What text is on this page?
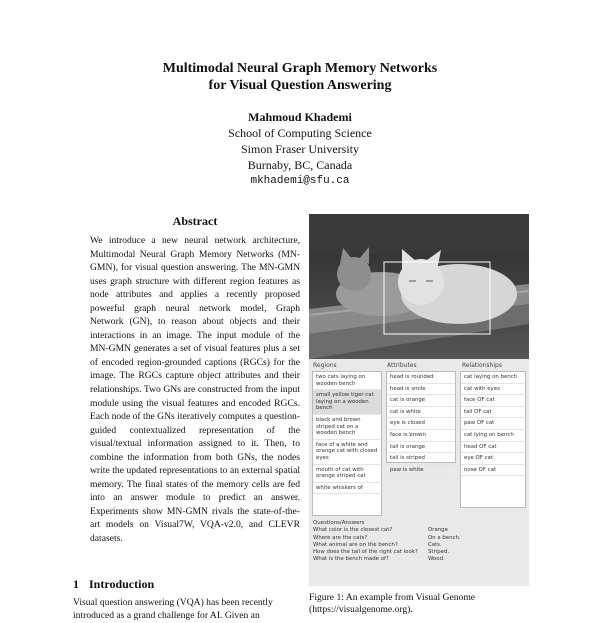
Multimodal Neural Graph Memory Networks
for Visual Question Answering
Mahmoud Khademi
School of Computing Science
Simon Fraser University
Burnaby, BC, Canada
mkhademi@sfu.ca
Abstract
We introduce a new neural network architecture, Multimodal Neural Graph Memory Networks (MN-GMN), for visual question answering. The MN-GMN uses graph structure with different region features as node attributes and applies a recently proposed powerful graph neural network model, Graph Network (GN), to reason about objects and their interactions in an image. The input module of the MN-GMN generates a set of visual features plus a set of encoded region-grounded captions (RGCs) for the image. The RGCs capture object attributes and their relationships. Two GNs are constructed from the input module using the visual features and encoded RGCs. Each node of the GNs iteratively computes a question-guided contextualized representation of the visual/textual information assigned to it. Then, to combine the information from both GNs, the nodes write the updated representations to an external spatial memory. The final states of the memory cells are fed into an answer module to predict an answer. Experiments show MN-GMN rivals the state-of-the-art models on Visual7W, VQA-v2.0, and CLEVR datasets.
1 Introduction
Visual question answering (VQA) has been recently introduced as a grand challenge for AI. Given an
Regions	Attributes	Relationships
two cats laying on wooden bench
small yellow tiger cat laying on a wooden bench
black and brown striped cat on a wooden bench
face of a white and orange cat with closed eyes
mouth of cat with orange striped cat
white whiskers of
head is rounded
head is smile
cat is orange
cat is white
eye is closed
face is brown
tail is orange
tail is striped
paw is white
cat laying on bench
cat with eyes
face OF cat
tail OF cat
paw OF cat
cat lying on bench
head OF cat
eye OF cat
nose OF cat
Questions/Answers
What color is the closest cat?	Orange
Where are the cats?	On a bench.
What animal are on the bench?	Cats.
How does the tail of the right cat look?	Striped.
What is the bench made of?	Wood.
Figure 1: An example from Visual Genome (https://visualgenome.org).
